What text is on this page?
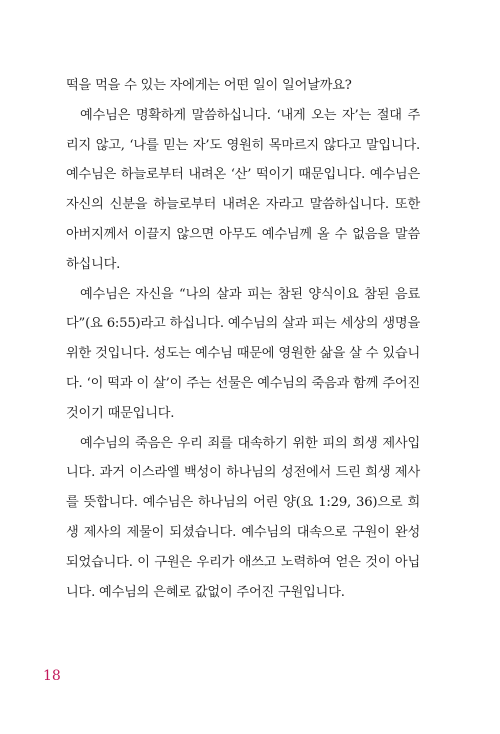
떡을 먹을 수 있는 자에게는 어떤 일이 일어날까요?

예수님은 명확하게 말씀하십니다. ‘내게 오는 자’는 절대 주리지 않고, ‘나를 믿는 자’도 영원히 목마르지 않다고 말입니다. 예수님은 하늘로부터 내려온 ‘산’ 떡이기 때문입니다. 예수님은 자신의 신분을 하늘로부터 내려온 자라고 말씀하십니다. 또한 아버지께서 이끌지 않으면 아무도 예수님께 올 수 없음을 말씀하십니다.

예수님은 자신을 “나의 살과 피는 참된 양식이요 참된 음료다”(요 6:55)라고 하십니다. 예수님의 살과 피는 세상의 생명을 위한 것입니다. 성도는 예수님 때문에 영원한 삶을 살 수 있습니다. ‘이 떡과 이 살’이 주는 선물은 예수님의 죽음과 함께 주어진 것이기 때문입니다.

예수님의 죽음은 우리 죄를 대속하기 위한 피의 희생 제사입니다. 과거 이스라엘 백성이 하나님의 성전에서 드린 희생 제사를 뜻합니다. 예수님은 하나님의 어린 양(요 1:29, 36)으로 희생 제사의 제물이 되셨습니다. 예수님의 대속으로 구원이 완성되었습니다. 이 구원은 우리가 애쓰고 노력하여 얻은 것이 아닙니다. 예수님의 은혜로 값없이 주어진 구원입니다.

18
